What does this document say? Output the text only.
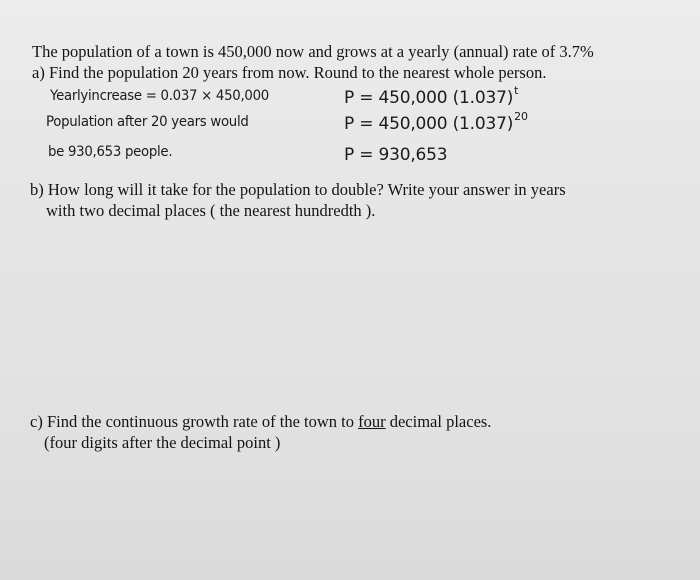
The population of a town is 450,000 now and grows at a yearly (annual) rate of 3.7%
a) Find the population 20 years from now. Round to the nearest whole person.
Yearlyincrease = 0.037 × 450,000
Population after 20 years would
be 930,653 people.
P = 450,000 $(1.037)^t$
P = 450,000 $(1.037)^{20}$
P = 930,653
b) How long will it take for the population to double? Write your answer in years
with two decimal places ( the nearest hundredth ).
c) Find the continuous growth rate of the town to four decimal places.
(four digits after the decimal point )
